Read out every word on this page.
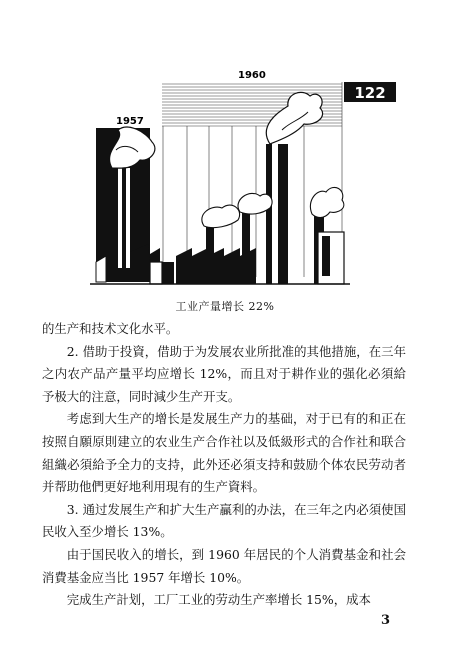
1957
1960
122
工业产量增长 22%

的生产和技术文化水平。

2. 借助于投資，借助于为发展农业所批准的其他措施，在三年之内农产品产量平均应增长 12%，而且对于耕作业的强化必須給予极大的注意，同时減少生产开支。

考虑到大生产的增长是发展生产力的基础，对于已有的和正在按照自願原則建立的农业生产合作社以及低級形式的合作社和联合組織必須給予全力的支持，此外还必須支持和鼓励个体农民劳动者并帮助他們更好地利用現有的生产資料。

3. 通过发展生产和扩大生产贏利的办法，在三年之内必須使国民收入至少增长 13%。

由于国民收入的增长，到 1960 年居民的个人消費基金和社会消費基金应当比 1957 年增长 10%。

完成生产計划，工厂工业的劳动生产率增长 15%，成本

3
